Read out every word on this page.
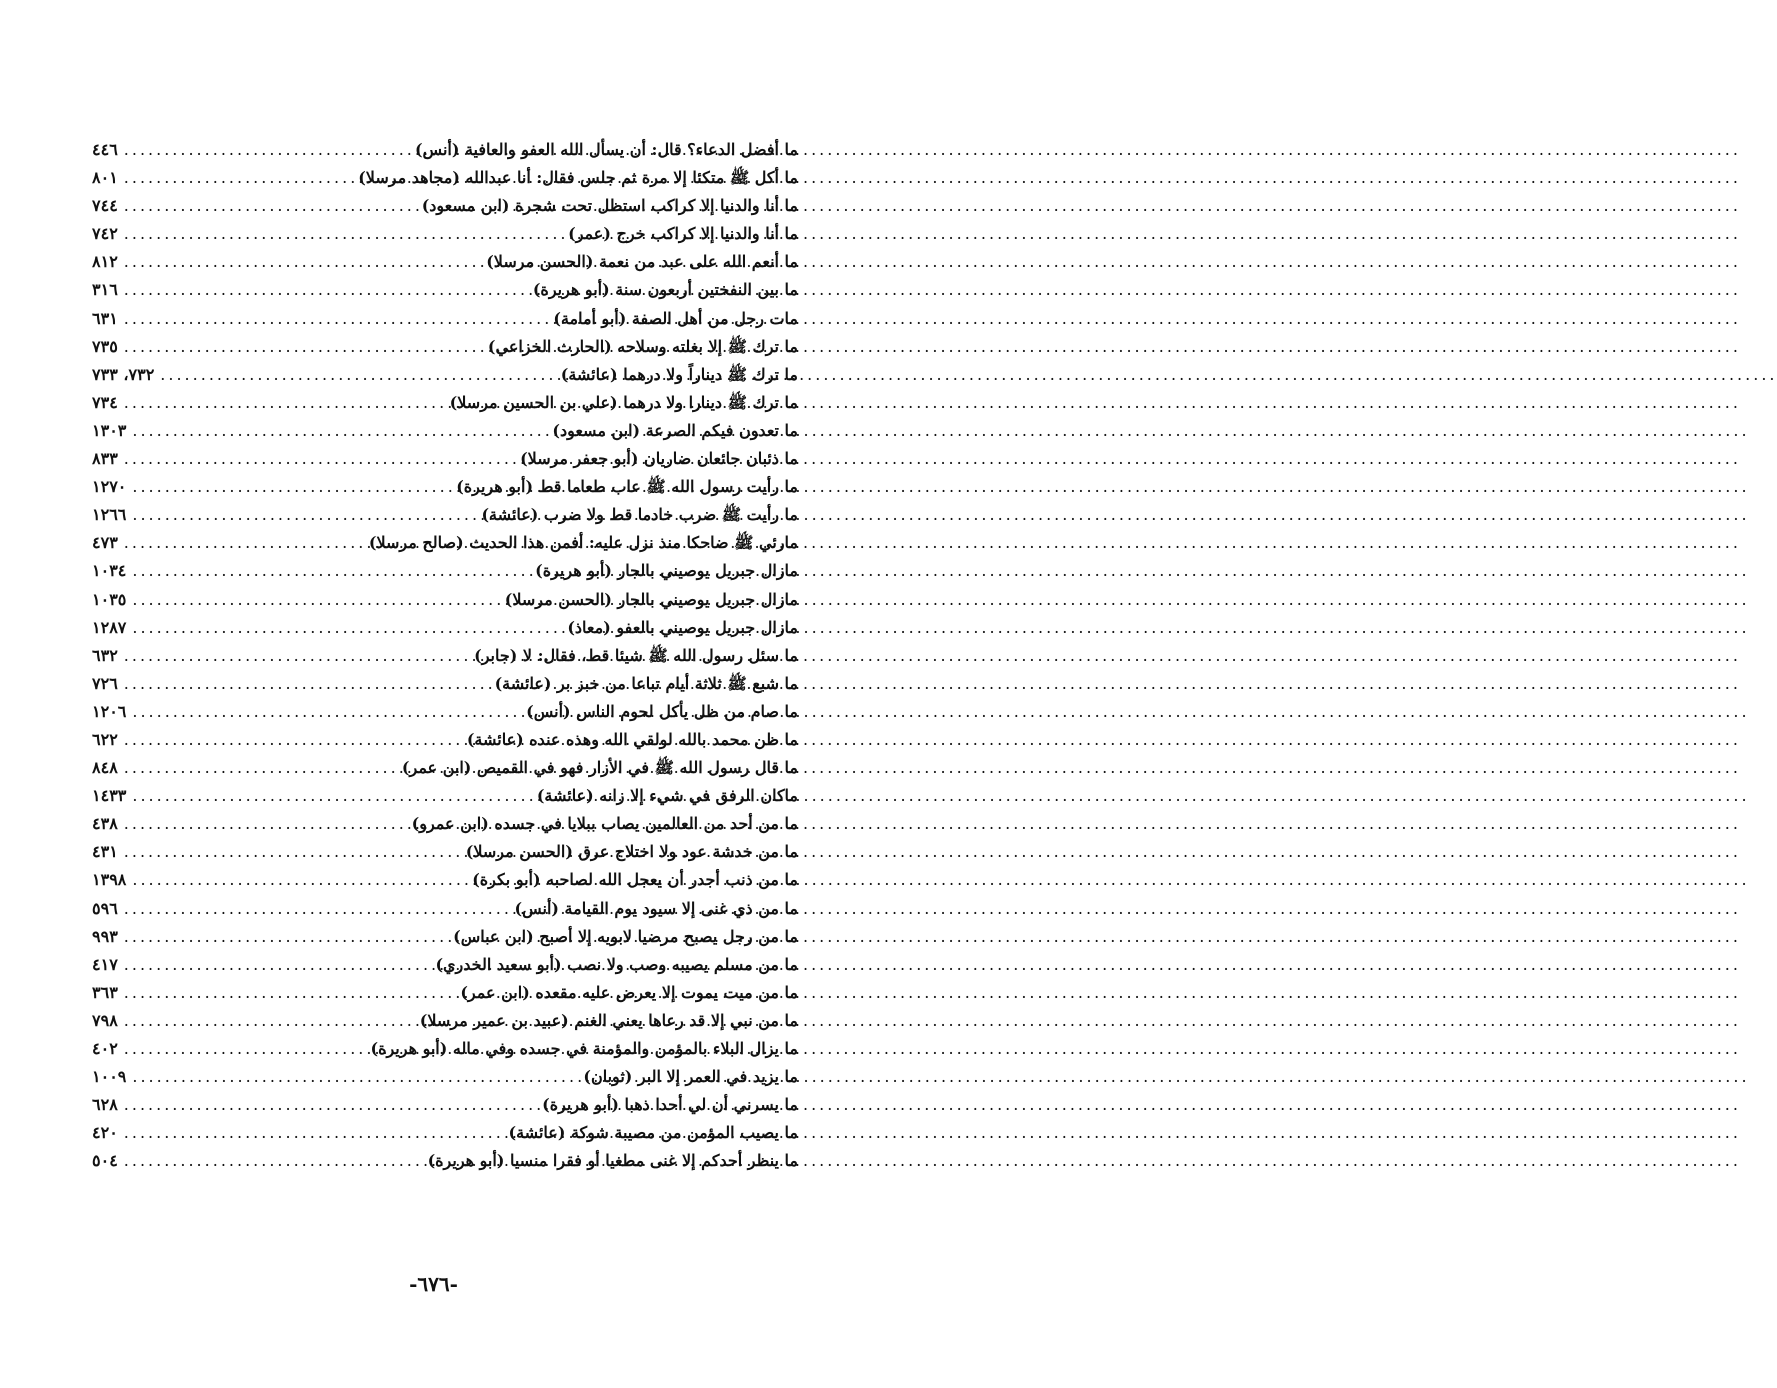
ما أفضل الدعاء؟ قال: أن يسأل الله العفو والعافية (أنس)
.....
٤٤٦
ما أكل ﷺ متكئا إلا مرة ثم جلس فقال: أنا عبدالله (مجاهد مرسلا)
.....
٨٠١
ما أنا والدنيا إلا كراكب استظل تحت شجرة (ابن مسعود)
.....
٧٤٤
ما أنا والدنيا إلا كراكب خرج (عمر)
.....
٧٤٢
ما أنعم الله على عبد من نعمة (الحسن مرسلا)
.....
٨١٢
ما بين النفختين أربعون سنة (أبو هريرة)
.....
٣١٦
مات رجل من أهل الصفة (أبو أمامة)
.....
٦٣١
ما ترك ﷺ إلا بغلته وسلاحه (الحارث الخزاعي)
.....
٧٣٥
ما ترك ﷺ ديناراً ولا درهما (عائشة)
.....
٧٣٢، ٧٣٣
ما ترك ﷺ دينارا ولا درهما (علي بن الحسين مرسلا)
.....
٧٣٤
ما تعدون فيكم الصرعة (ابن مسعود)
.....
١٣٠٣
ما ذئبان جائعان ضاريان (أبو جعفر مرسلا)
.....
٨٣٣
ما رأيت رسول الله ﷺ عاب طعاما قط (أبو هريرة)
.....
١٢٧٠
ما رأيت ﷺ ضرب خادما قط ولا ضرب (عائشة)
.....
١٢٦٦
مارئي ﷺ ضاحكا منذ نزل عليه: أفمن هذا الحديث (صالح مرسلا)
.....
٤٧٣
مازال جبريل يوصيني بالجار (أبو هريرة)
.....
١٠٣٤
مازال جبريل يوصيني بالجار (الحسن مرسلا)
.....
١٠٣٥
مازال جبريل يوصيني بالعفو (معاذ)
.....
١٢٨٧
ما سئل رسول الله ﷺ شيئا قط، فقال: لا (جابر)
.....
٦٣٢
ما شبع ﷺ ثلاثة أيام تباعا من خبز بر (عائشة)
.....
٧٢٦
ما صام من ظل يأكل لحوم الناس (أنس)
.....
١٢٠٦
ما ظن محمد بالله لولقي الله وهذه عنده (عائشة)
.....
٦٢٢
ما قال رسول الله ﷺ في الأزار فهو في القميص (ابن عمر)
.....
٨٤٨
ماكان الرفق في شيء إلا زانه (عائشة)
.....
١٤٣٣
ما من أحد من العالمين يصاب ببلايا في جسده (ابن عمرو)
.....
٤٣٨
ما من خدشة عود ولا اختلاج عرق (الحسن مرسلا)
.....
٤٣١
ما من ذنب أجدر أن يعجل الله لصاحبه (أبو بكرة)
.....
١٣٩٨
ما من ذي غنى إلا سيود يوم القيامة (أنس)
.....
٥٩٦
ما من رجل يصبح مرضيا لابويه إلا أصبح (ابن عباس)
.....
٩٩٣
ما من مسلم يصيبه وصب ولا نصب (أبو سعيد الخدري)
.....
٤١٧
ما من ميت يموت إلا يعرض عليه مقعده (ابن عمر)
.....
٣٦٣
ما من نبي إلا قد رعاها يعني الغنم (عبيد بن عمير مرسلا)
.....
٧٩٨
ما يزال البلاء بالمؤمن والمؤمنة في جسده وفي ماله (أبو هريرة)
.....
٤٠٢
ما يزيد في العمر إلا البر (ثوبان)
.....
١٠٠٩
ما يسرني أن لي أحدا ذهبا (أبو هريرة)
.....
٦٢٨
ما يصيب المؤمن من مصيبة شوكة (عائشة)
.....
٤٢٠
ما ينظر أحدكم إلا غنى مطغيا أو فقرا منسيا (أبو هريرة)
.....
٥٠٤
-٦٧٦-
